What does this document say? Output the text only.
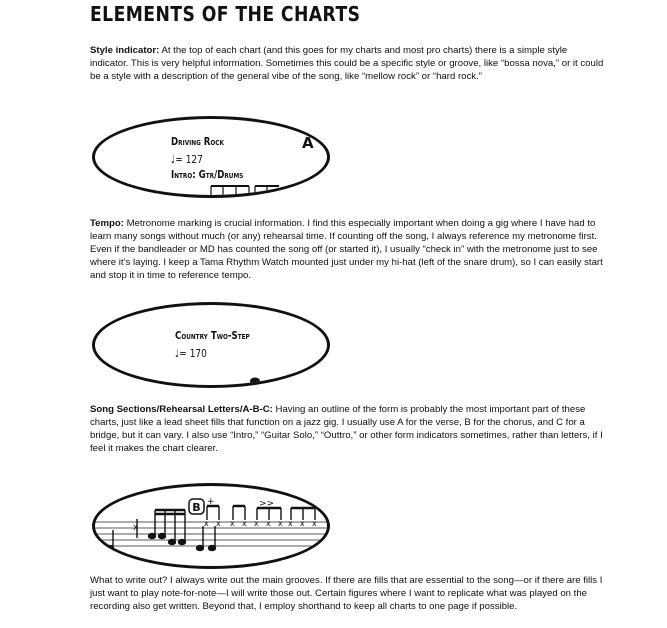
ELEMENTS OF THE CHARTS
Style indicator: At the top of each chart (and this goes for my charts and most pro charts) there is a simple style indicator. This is very helpful information. Sometimes this could be a specific style or groove, like “bossa nova,” or it could be a style with a description of the general vibe of the song, like “mellow rock” or “hard rock.”
Driving Rock
♩= 127
Intro: Gtr/Drums
A
Tempo: Metronome marking is crucial information. I find this especially important when doing a gig where I have had to learn many songs without much (or any) rehearsal time. If counting off the song, I always reference my metronome first. Even if the bandleader or MD has counted the song off (or started it), I usually “check in” with the metronome just to see where it’s laying. I keep a Tama Rhythm Watch mounted just under my hi-hat (left of the snare drum), so I can easily start and stop it in time to reference tempo.
Country Two-Step
♩= 170
Song Sections/Rehearsal Letters/A-B-C: Having an outline of the form is probably the most important part of these charts, just like a lead sheet fills that function on a jazz gig. I usually use A for the verse, B for the chorus, and C for a bridge, but it can vary. I also use “Intro,” “Guitar Solo,” “Outtro,” or other form indicators sometimes, rather than letters, if I feel it makes the chart clearer.
B +	>>
x	x x x x x x x x x x
What to write out? I always write out the main grooves. If there are fills that are essential to the song—or if there are fills I just want to play note-for-note—I will write those out. Certain figures where I want to replicate what was played on the recording also get written. Beyond that, I employ shorthand to keep all charts to one page if possible.
